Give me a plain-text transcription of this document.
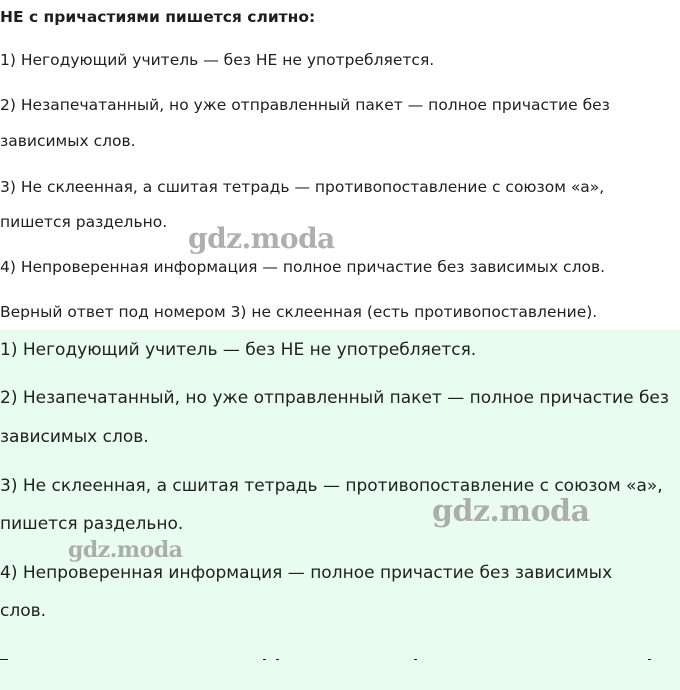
НЕ с причастиями пишется слитно:

1) Негодующий учитель — без НЕ не употребляется.

2) Незапечатанный, но уже отправленный пакет — полное причастие без

зависимых слов.

3) Не склеенная, а сшитая тетрадь — противопоставление с союзом «а»,

пишется раздельно.

4) Непроверенная информация — полное причастие без зависимых слов.

Верный ответ под номером 3) не склеенная (есть противопоставление).

1) Негодующий учитель — без НЕ не употребляется.

2) Незапечатанный, но уже отправленный пакет — полное причастие без

зависимых слов.

3) Не склеенная, а сшитая тетрадь — противопоставление с союзом «а»,

пишется раздельно.

4) Непроверенная информация — полное причастие без зависимых

слов.

gdz.moda
gdz.moda
gdz.moda
